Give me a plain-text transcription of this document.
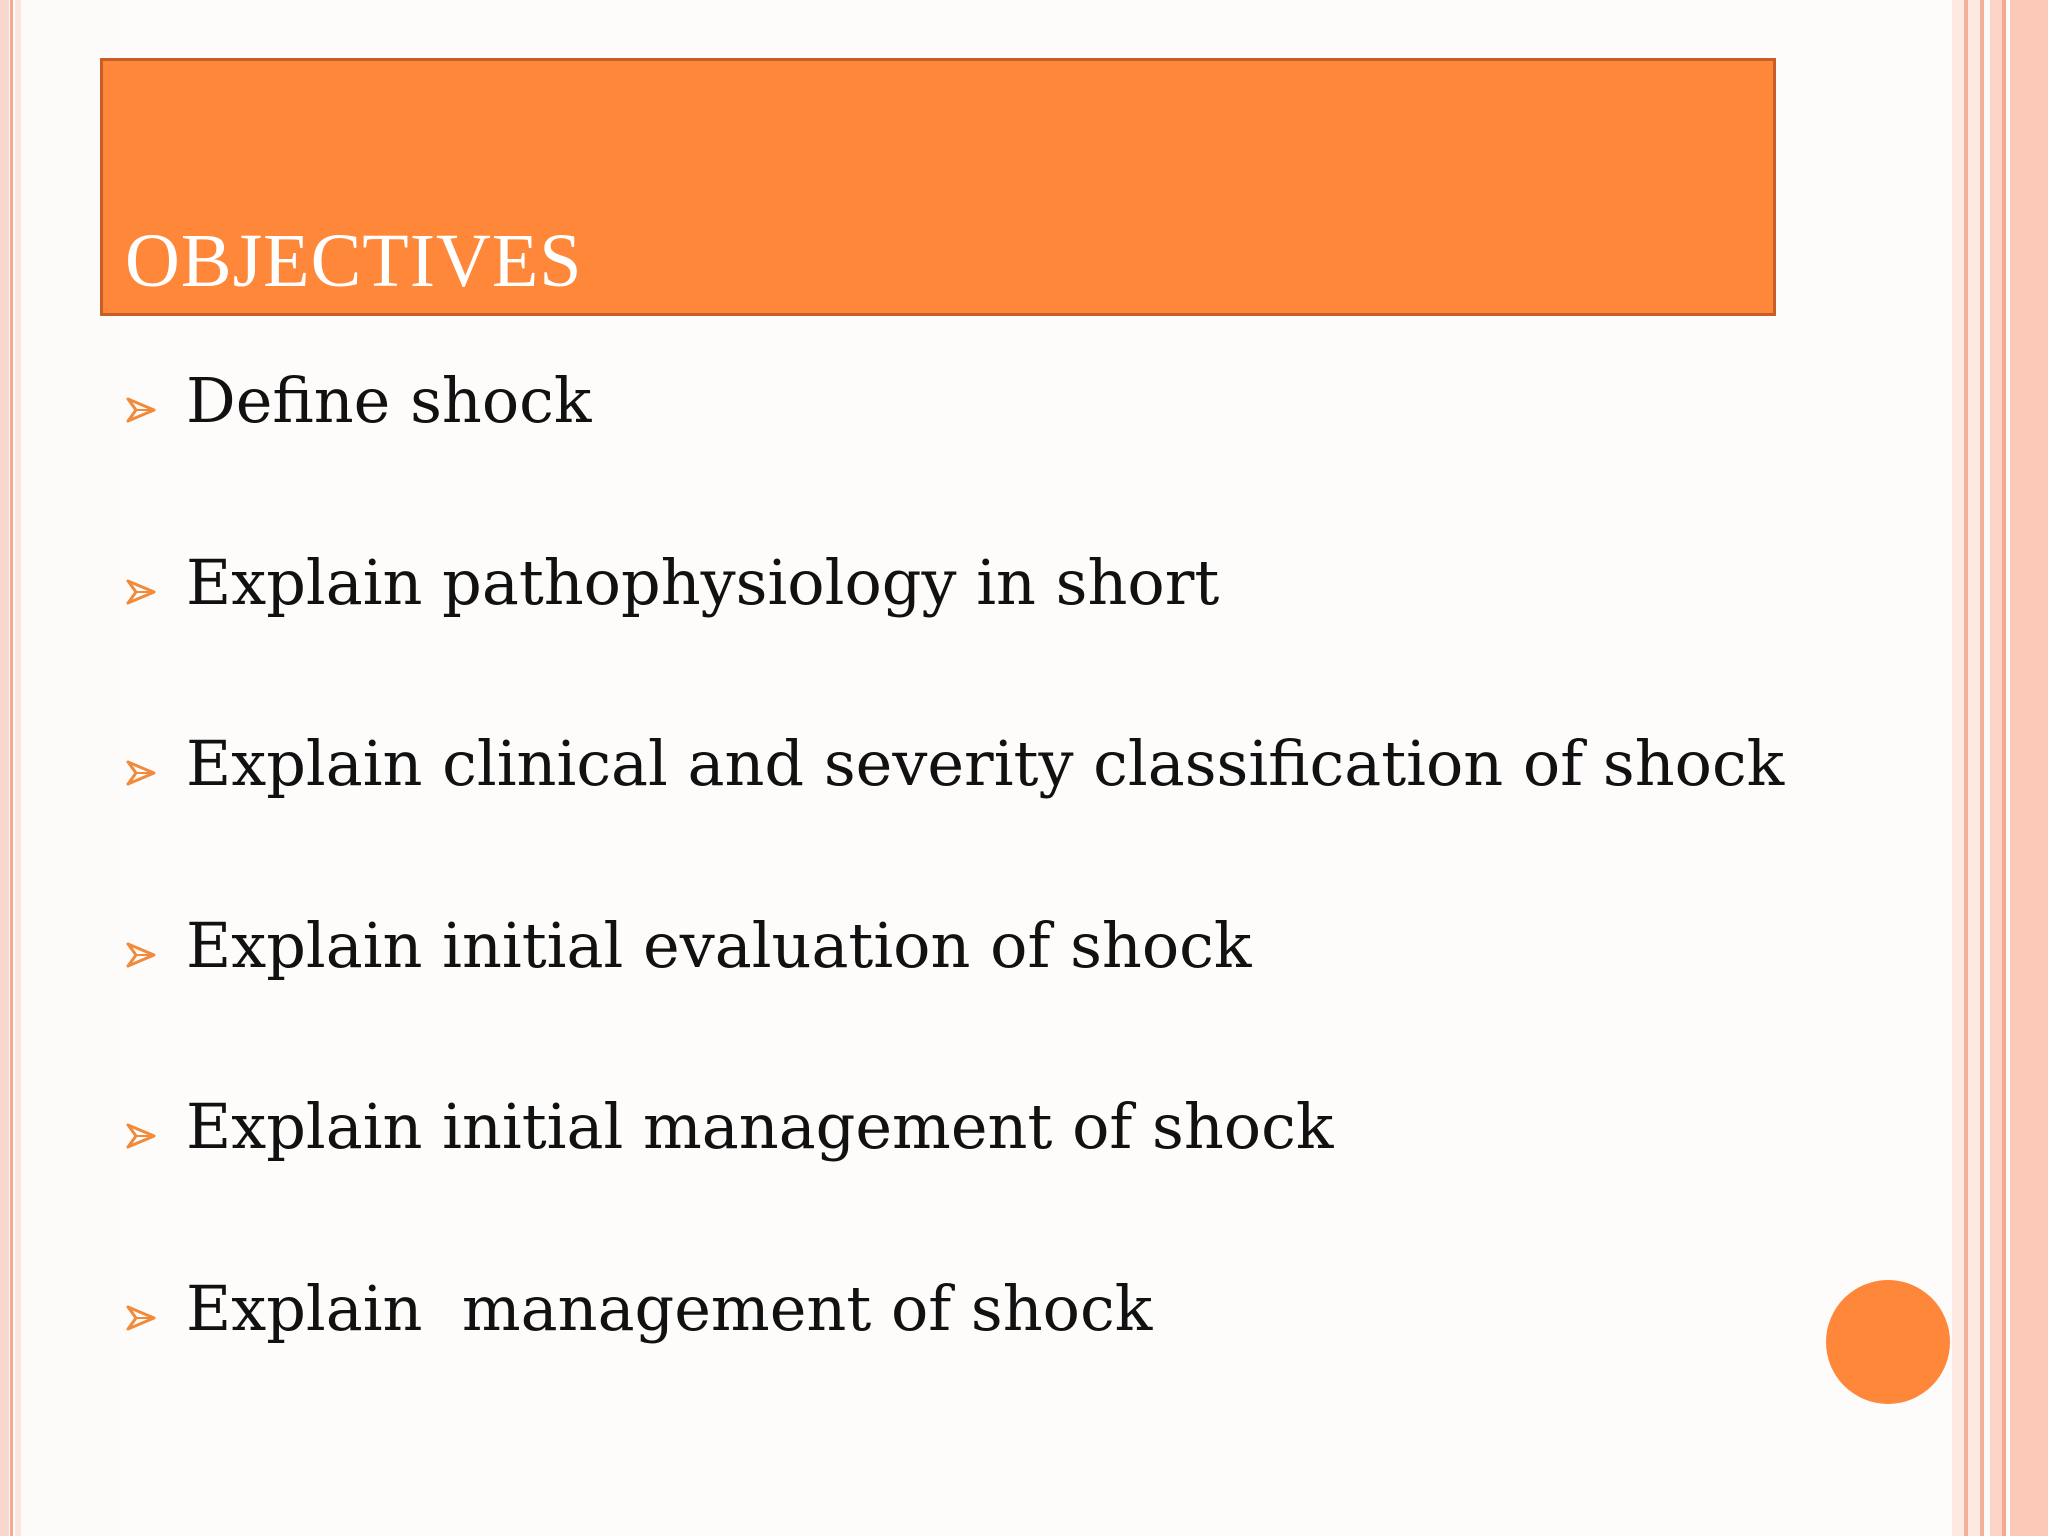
OBJECTIVES
Define shock
Explain pathophysiology in short
Explain clinical and severity classification of shock
Explain initial evaluation of shock
Explain initial management of shock
Explain  management of shock
